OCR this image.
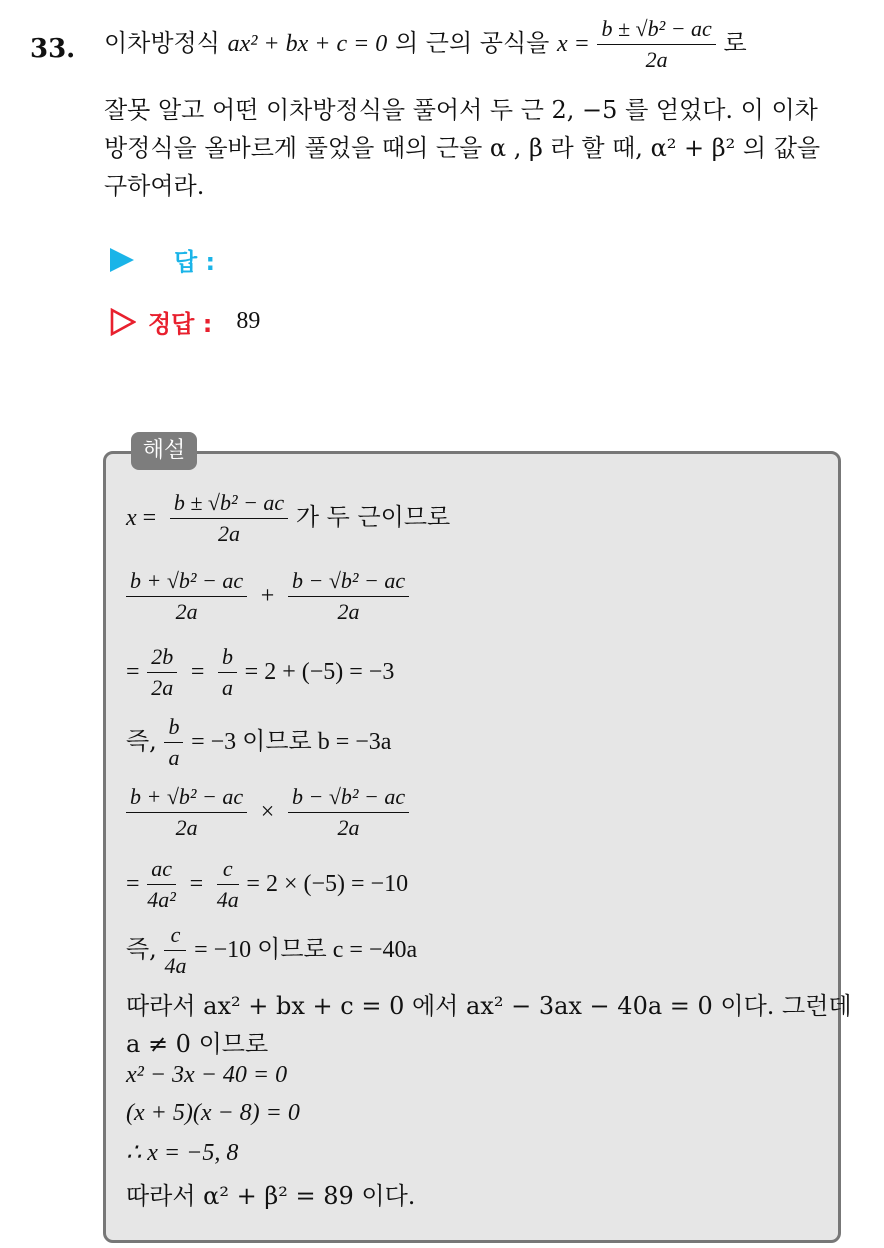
33. 이차방정식 ax² + bx + c = 0 의 근의 공식을 $x = \frac{\text{b ± √b² − ac}}{2a}$ 로
잘못 알고 어떤 이차방정식을 풀어서 두 근 2, −5 를 얻었다. 이 이차
방정식을 올바르게 풀었을 때의 근을 α , β 라 할 때, α² + β² 의 값을
구하여라.
답 :
정답 : 89
해설
$x = \frac{\text{b ± √b² − ac}}{2a}$ 가 두 근이므로
$\frac{\text{b + √b² − ac}}{2a} + \frac{\text{b − √b² − ac}}{2a}$
= $\frac{2b}{2a} = \frac{b}{a} = 2 + (-5) = -3$
즉, $\frac{b}{a} = -3$ 이므로 b = −3a
$\frac{\text{b + √b² − ac}}{2a} \times \frac{\text{b − √b² − ac}}{2a}$
= $\frac{ac}{\text{4a²}} = \frac{c}{4a} = 2 \times (-5) = -10$
즉, $\frac{c}{4a} = -10$ 이므로 c = −40a
따라서 ax² + bx + c = 0 에서 ax² − 3ax − 40a = 0 이다. 그런데
a ≠ 0 이므로
x² − 3x − 40 = 0
(x + 5)(x − 8) = 0
∴ x = −5, 8
따라서 α² + β² = 89 이다.
